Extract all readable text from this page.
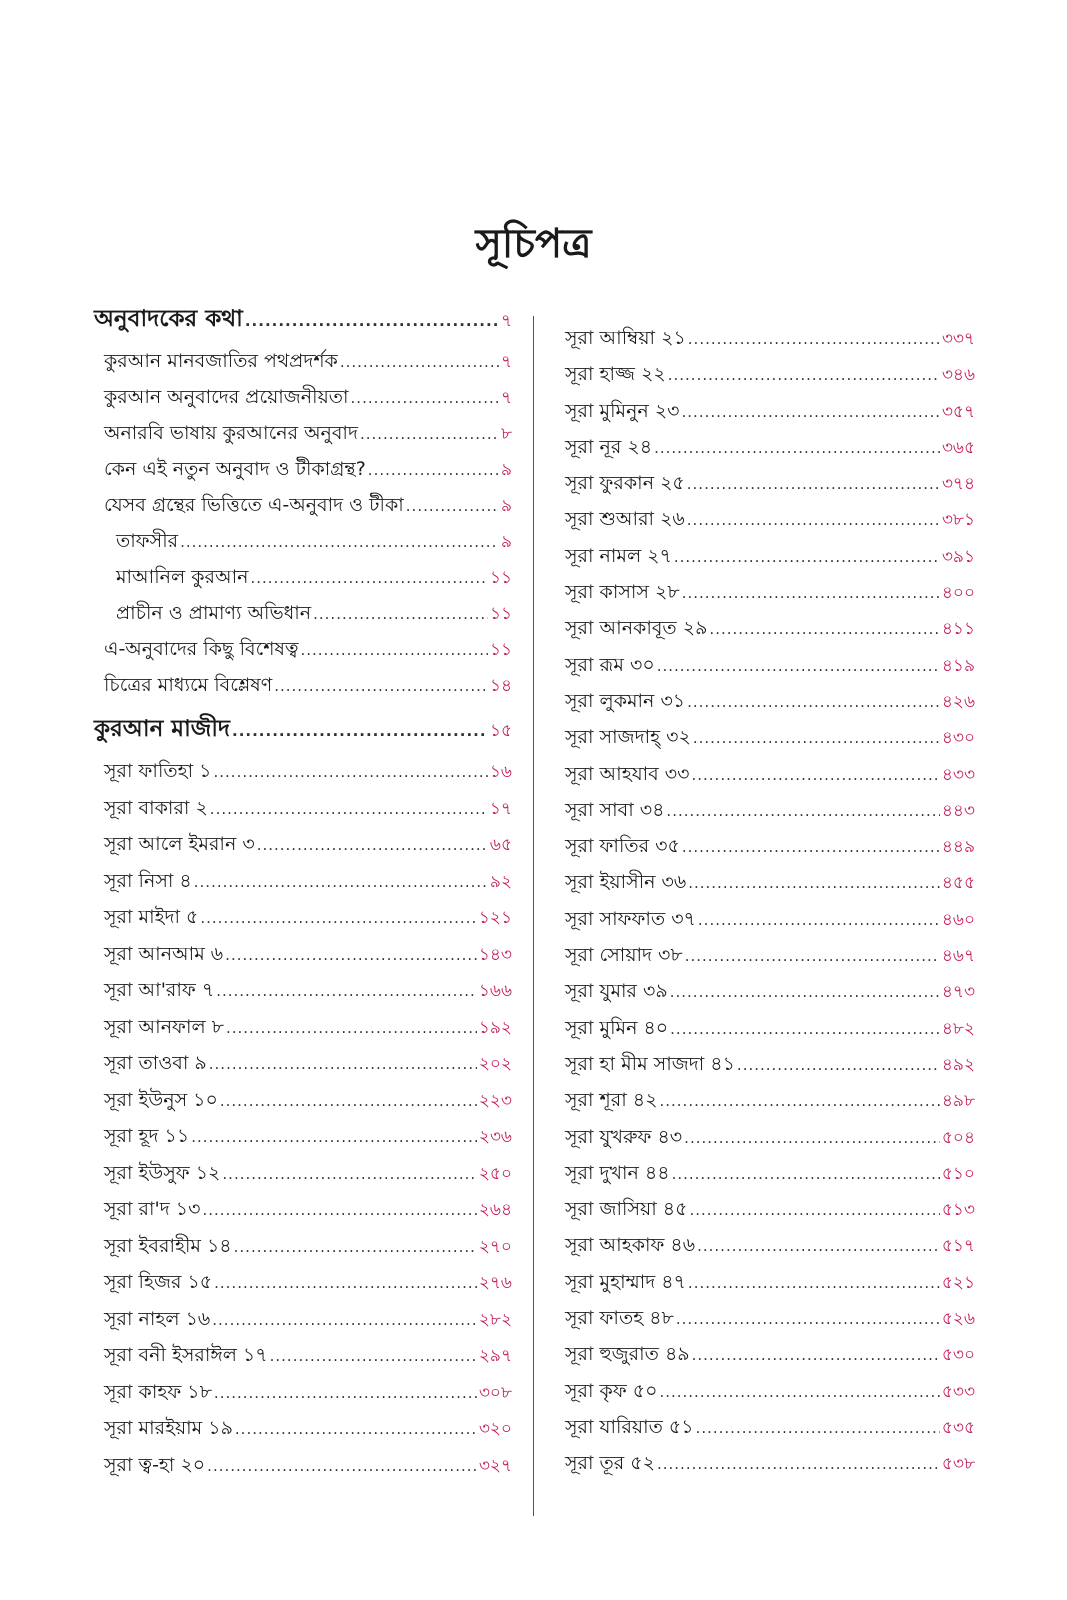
সূচিপত্র
অনুবাদকের কথা .....	৭
কুরআন মানবজাতির পথপ্রদর্শক .....	৭
কুরআন অনুবাদের প্রয়োজনীয়তা .....	৭
অনারবি ভাষায় কুরআনের অনুবাদ .....	৮
কেন এই নতুন অনুবাদ ও টীকাগ্রন্থ? .....	৯
যেসব গ্রন্থের ভিত্তিতে এ-অনুবাদ ও টীকা .....	৯
তাফসীর .....	৯
মাআনিল কুরআন .....	১১
প্রাচীন ও প্রামাণ্য অভিধান .....	১১
এ-অনুবাদের কিছু বিশেষত্ব .....	১১
চিত্রের মাধ্যমে বিশ্লেষণ .....	১৪
কুরআন মাজীদ .....	১৫
সূরা ফাতিহা ১ .....	১৬
সূরা বাকারা ২ .....	১৭
সূরা আলে ইমরান ৩ .....	৬৫
সূরা নিসা ৪ .....	৯২
সূরা মাইদা ৫ .....	১২১
সূরা আনআম ৬ .....	১৪৩
সূরা আ'রাফ ৭ .....	১৬৬
সূরা আনফাল ৮ .....	১৯২
সূরা তাওবা ৯ .....	২০২
সূরা ইউনুস ১০ .....	২২৩
সূরা হূদ ১১ .....	২৩৬
সূরা ইউসুফ ১২ .....	২৫০
সূরা রা'দ ১৩ .....	২৬৪
সূরা ইবরাহীম ১৪ .....	২৭০
সূরা হিজর ১৫ .....	২৭৬
সূরা নাহল ১৬ .....	২৮২
সূরা বনী ইসরাঈল ১৭ .....	২৯৭
সূরা কাহফ ১৮ .....	৩০৮
সূরা মারইয়াম ১৯ .....	৩২০
সূরা ত্ব-হা ২০ .....	৩২৭
সূরা আম্বিয়া ২১ .....	৩৩৭
সূরা হাজ্জ ২২ .....	৩৪৬
সূরা মুমিনুন ২৩ .....	৩৫৭
সূরা নূর ২৪ .....	৩৬৫
সূরা ফুরকান ২৫ .....	৩৭৪
সূরা শুআরা ২৬ .....	৩৮১
সূরা নামল ২৭ .....	৩৯১
সূরা কাসাস ২৮ .....	৪০০
সূরা আনকাবূত ২৯ .....	৪১১
সূরা রূম ৩০ .....	৪১৯
সূরা লুকমান ৩১ .....	৪২৬
সূরা সাজদাহ্ ৩২ .....	৪৩০
সূরা আহযাব ৩৩ .....	৪৩৩
সূরা সাবা ৩৪ .....	৪৪৩
সূরা ফাতির ৩৫ .....	৪৪৯
সূরা ইয়াসীন ৩৬ .....	৪৫৫
সূরা সাফফাত ৩৭ .....	৪৬০
সূরা সোয়াদ ৩৮ .....	৪৬৭
সূরা যুমার ৩৯ .....	৪৭৩
সূরা মুমিন ৪০ .....	৪৮২
সূরা হা মীম সাজদা ৪১ .....	৪৯২
সূরা শূরা ৪২ .....	৪৯৮
সূরা যুখরুফ ৪৩ .....	৫০৪
সূরা দুখান ৪৪ .....	৫১০
সূরা জাসিয়া ৪৫ .....	৫১৩
সূরা আহকাফ ৪৬ .....	৫১৭
সূরা মুহাম্মাদ ৪৭ .....	৫২১
সূরা ফাতহ ৪৮ .....	৫২৬
সূরা হুজুরাত ৪৯ .....	৫৩০
সূরা কৃফ ৫০ .....	৫৩৩
সূরা যারিয়াত ৫১ .....	৫৩৫
সূরা তূর ৫২ .....	৫৩৮
